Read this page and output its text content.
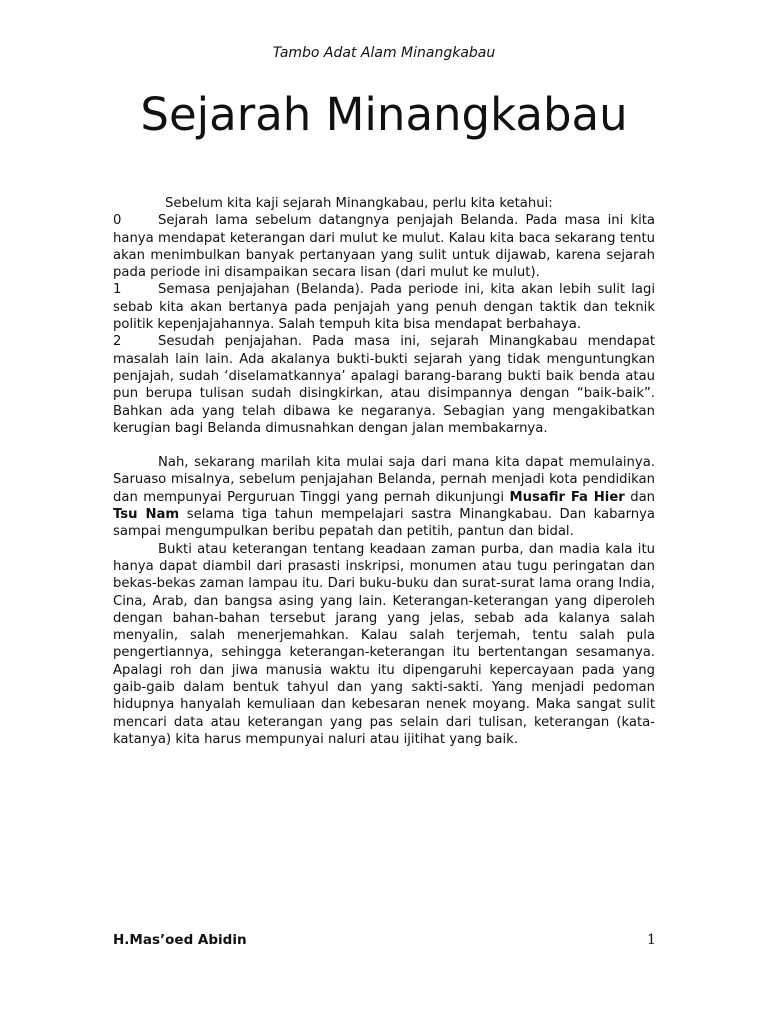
Tambo Adat Alam Minangkabau
Sejarah Minangkabau

Sebelum kita kaji sejarah Minangkabau, perlu kita ketahui:

0	Sejarah lama sebelum datangnya penjajah Belanda. Pada masa ini kita hanya mendapat keterangan dari mulut ke mulut. Kalau kita baca sekarang tentu akan menimbulkan banyak pertanyaan yang sulit untuk dijawab, karena sejarah pada periode ini disampaikan secara lisan (dari mulut ke mulut).

1	Semasa penjajahan (Belanda). Pada periode ini, kita akan lebih sulit lagi sebab kita akan bertanya pada penjajah yang penuh dengan taktik dan teknik politik kepenjajahannya. Salah tempuh kita bisa mendapat berbahaya.

2	Sesudah penjajahan. Pada masa ini, sejarah Minangkabau mendapat masalah lain lain. Ada akalanya bukti-bukti sejarah yang tidak menguntungkan penjajah, sudah ‘diselamatkannya’ apalagi barang-barang bukti baik benda atau pun berupa tulisan sudah disingkirkan, atau disimpannya dengan “baik-baik”. Bahkan ada yang telah dibawa ke negaranya. Sebagian yang mengakibatkan kerugian bagi Belanda dimusnahkan dengan jalan membakarnya.

Nah, sekarang marilah kita mulai saja dari mana kita dapat memulainya. Saruaso misalnya, sebelum penjajahan Belanda, pernah menjadi kota pendidikan dan mempunyai Perguruan Tinggi yang pernah dikunjungi Musafir Fa Hier dan Tsu Nam selama tiga tahun mempelajari sastra Minangkabau. Dan kabarnya sampai mengumpulkan beribu pepatah dan petitih, pantun dan bidal.

Bukti atau keterangan tentang keadaan zaman purba, dan madia kala itu hanya dapat diambil dari prasasti inskripsi, monumen atau tugu peringatan dan bekas-bekas zaman lampau itu. Dari buku-buku dan surat-surat lama orang India, Cina, Arab, dan bangsa asing yang lain. Keterangan-keterangan yang diperoleh dengan bahan-bahan tersebut jarang yang jelas, sebab ada kalanya salah menyalin, salah menerjemahkan. Kalau salah terjemah, tentu salah pula pengertiannya, sehingga keterangan-keterangan itu bertentangan sesamanya. Apalagi roh dan jiwa manusia waktu itu dipengaruhi kepercayaan pada yang gaib-gaib dalam bentuk tahyul dan yang sakti-sakti. Yang menjadi pedoman hidupnya hanyalah kemuliaan dan kebesaran nenek moyang. Maka sangat sulit mencari data atau keterangan yang pas selain dari tulisan, keterangan (kata-katanya) kita harus mempunyai naluri atau ijitihat yang baik.

H.Mas’oed Abidin	1
